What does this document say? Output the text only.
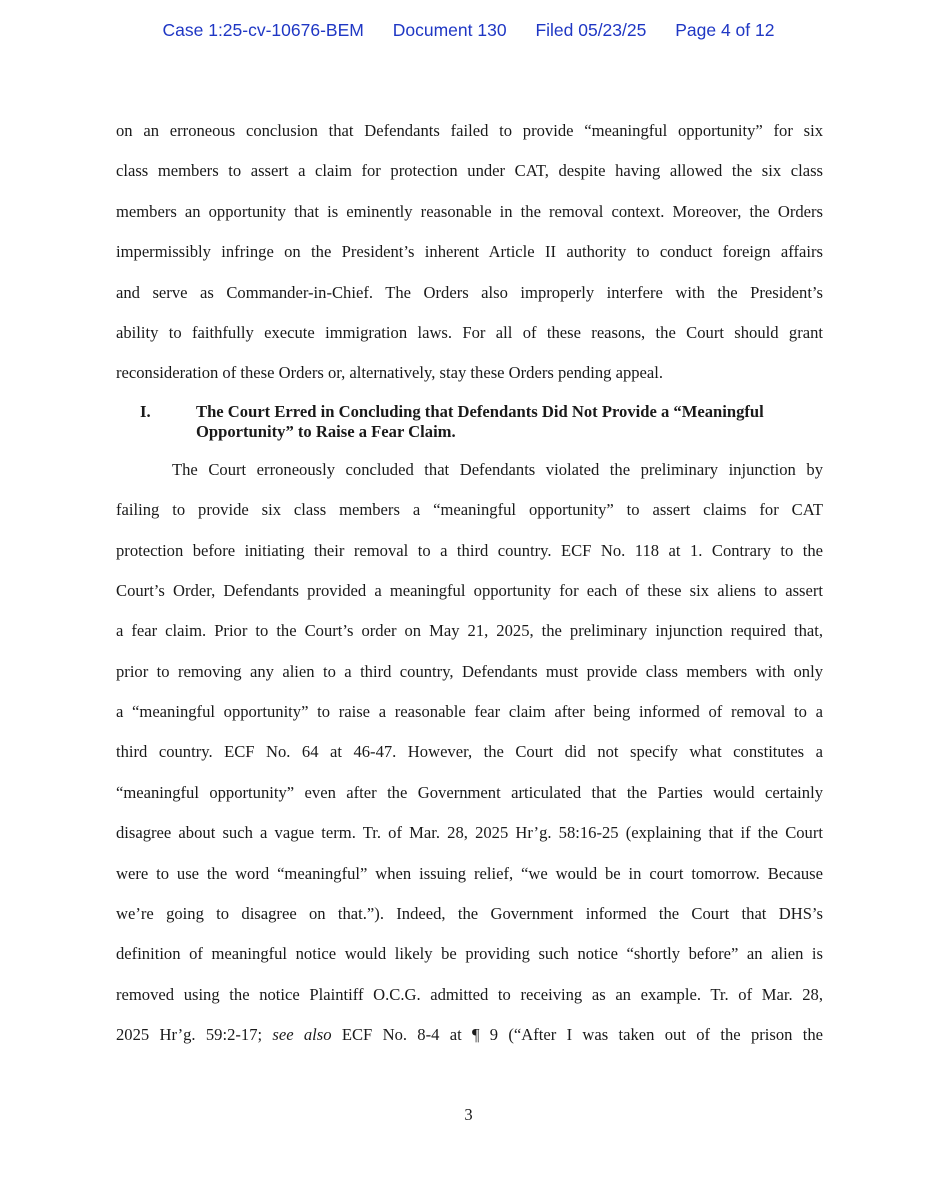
Case 1:25-cv-10676-BEM Document 130 Filed 05/23/25 Page 4 of 12
on an erroneous conclusion that Defendants failed to provide “meaningful opportunity” for six
class members to assert a claim for protection under CAT, despite having allowed the six class
members an opportunity that is eminently reasonable in the removal context. Moreover, the Orders
impermissibly infringe on the President’s inherent Article II authority to conduct foreign affairs
and serve as Commander-in-Chief. The Orders also improperly interfere with the President’s
ability to faithfully execute immigration laws. For all of these reasons, the Court should grant
reconsideration of these Orders or, alternatively, stay these Orders pending appeal.
I.	The Court Erred in Concluding that Defendants Did Not Provide a “Meaningful Opportunity” to Raise a Fear Claim.
The Court erroneously concluded that Defendants violated the preliminary injunction by
failing to provide six class members a “meaningful opportunity” to assert claims for CAT
protection before initiating their removal to a third country. ECF No. 118 at 1. Contrary to the
Court’s Order, Defendants provided a meaningful opportunity for each of these six aliens to assert
a fear claim. Prior to the Court’s order on May 21, 2025, the preliminary injunction required that,
prior to removing any alien to a third country, Defendants must provide class members with only
a “meaningful opportunity” to raise a reasonable fear claim after being informed of removal to a
third country. ECF No. 64 at 46-47. However, the Court did not specify what constitutes a
“meaningful opportunity” even after the Government articulated that the Parties would certainly
disagree about such a vague term. Tr. of Mar. 28, 2025 Hr’g. 58:16-25 (explaining that if the Court
were to use the word “meaningful” when issuing relief, “we would be in court tomorrow. Because
we’re going to disagree on that.”). Indeed, the Government informed the Court that DHS’s
definition of meaningful notice would likely be providing such notice “shortly before” an alien is
removed using the notice Plaintiff O.C.G. admitted to receiving as an example. Tr. of Mar. 28,
2025 Hr’g. 59:2-17; see also ECF No. 8-4 at ¶ 9 (“After I was taken out of the prison the
3
